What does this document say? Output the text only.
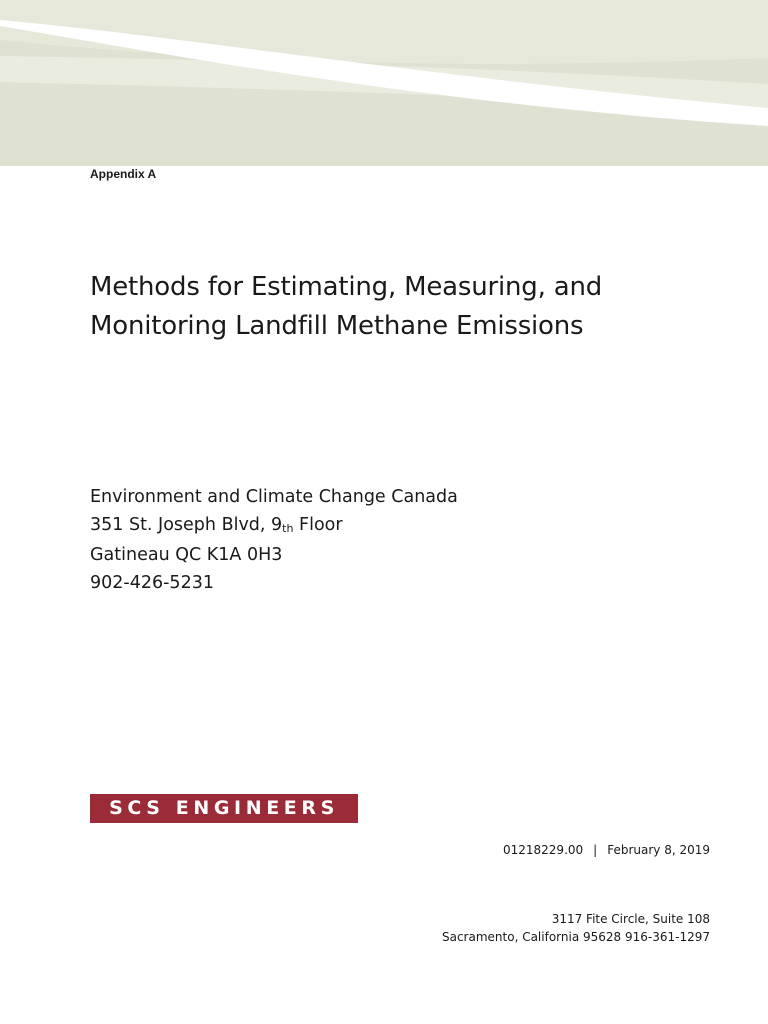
Appendix A
Methods for Estimating, Measuring, and
Monitoring Landfill Methane Emissions
Environment and Climate Change Canada
351 St. Joseph Blvd, $9_{th}$ Floor
Gatineau QC K1A 0H3
902-426-5231
SCS ENGINEERS
01218229.00 | February 8, 2019
3117 Fite Circle, Suite 108
Sacramento, California 95628 916-361-1297
